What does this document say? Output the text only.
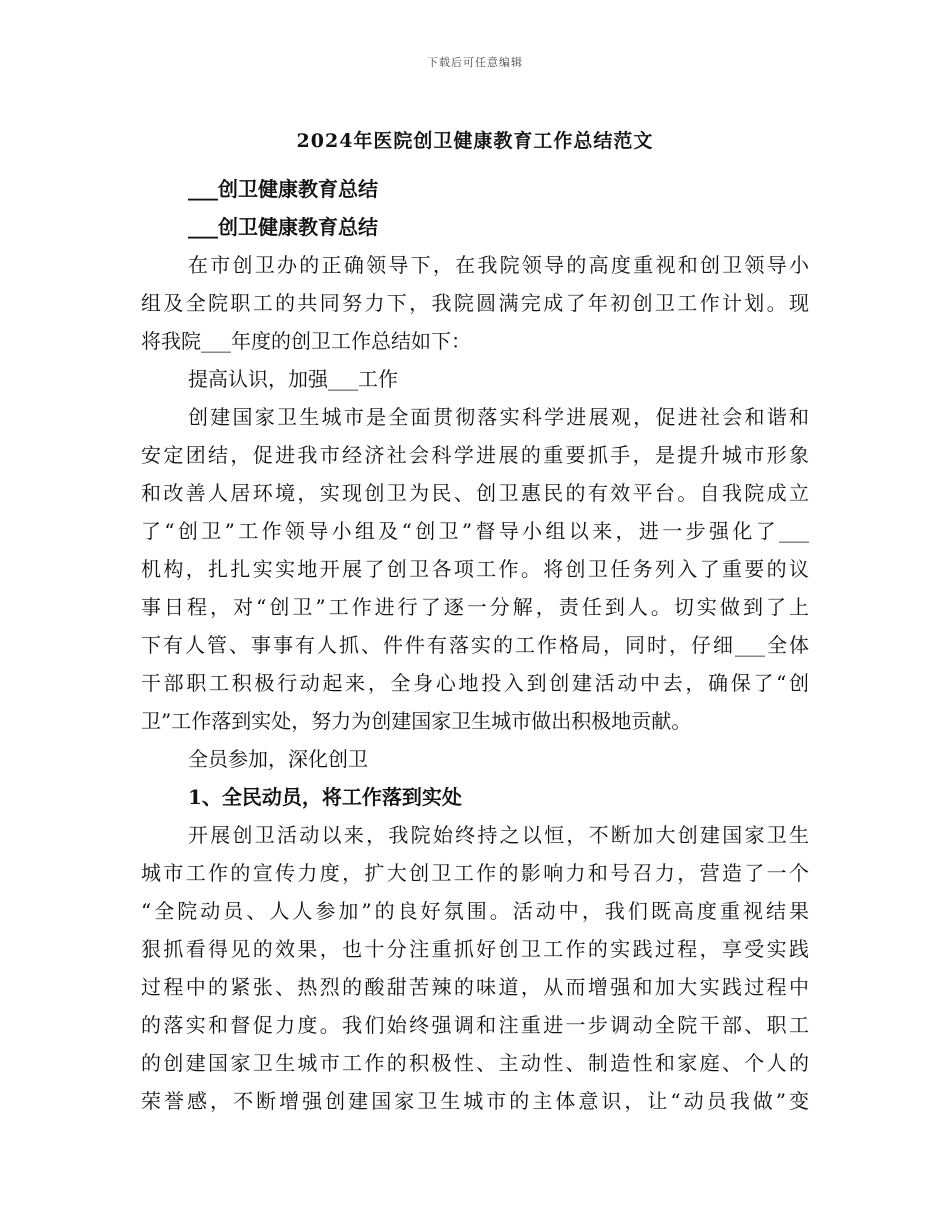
下载后可任意编辑
2024年医院创卫健康教育工作总结范文
___创卫健康教育总结
___创卫健康教育总结
在市创卫办的正确领导下，在我院领导的高度重视和创卫领导小
组及全院职工的共同努力下，我院圆满完成了年初创卫工作计划。现
将我院___年度的创卫工作总结如下：
提高认识，加强___工作
创建国家卫生城市是全面贯彻落实科学进展观，促进社会和谐和
安定团结，促进我市经济社会科学进展的重要抓手，是提升城市形象
和改善人居环境，实现创卫为民、创卫惠民的有效平台。自我院成立
了“创卫”工作领导小组及“创卫”督导小组以来，进一步强化了___
机构，扎扎实实地开展了创卫各项工作。将创卫任务列入了重要的议
事日程，对“创卫”工作进行了逐一分解，责任到人。切实做到了上
下有人管、事事有人抓、件件有落实的工作格局，同时，仔细___全体
干部职工积极行动起来，全身心地投入到创建活动中去，确保了“创
卫”工作落到实处，努力为创建国家卫生城市做出积极地贡献。
全员参加，深化创卫
1、全民动员，将工作落到实处
开展创卫活动以来，我院始终持之以恒，不断加大创建国家卫生
城市工作的宣传力度，扩大创卫工作的影响力和号召力，营造了一个
“全院动员、人人参加”的良好氛围。活动中，我们既高度重视结果
狠抓看得见的效果，也十分注重抓好创卫工作的实践过程，享受实践
过程中的紧张、热烈的酸甜苦辣的味道，从而增强和加大实践过程中
的落实和督促力度。我们始终强调和注重进一步调动全院干部、职工
的创建国家卫生城市工作的积极性、主动性、制造性和家庭、个人的
荣誉感，不断增强创建国家卫生城市的主体意识，让“动员我做”变
